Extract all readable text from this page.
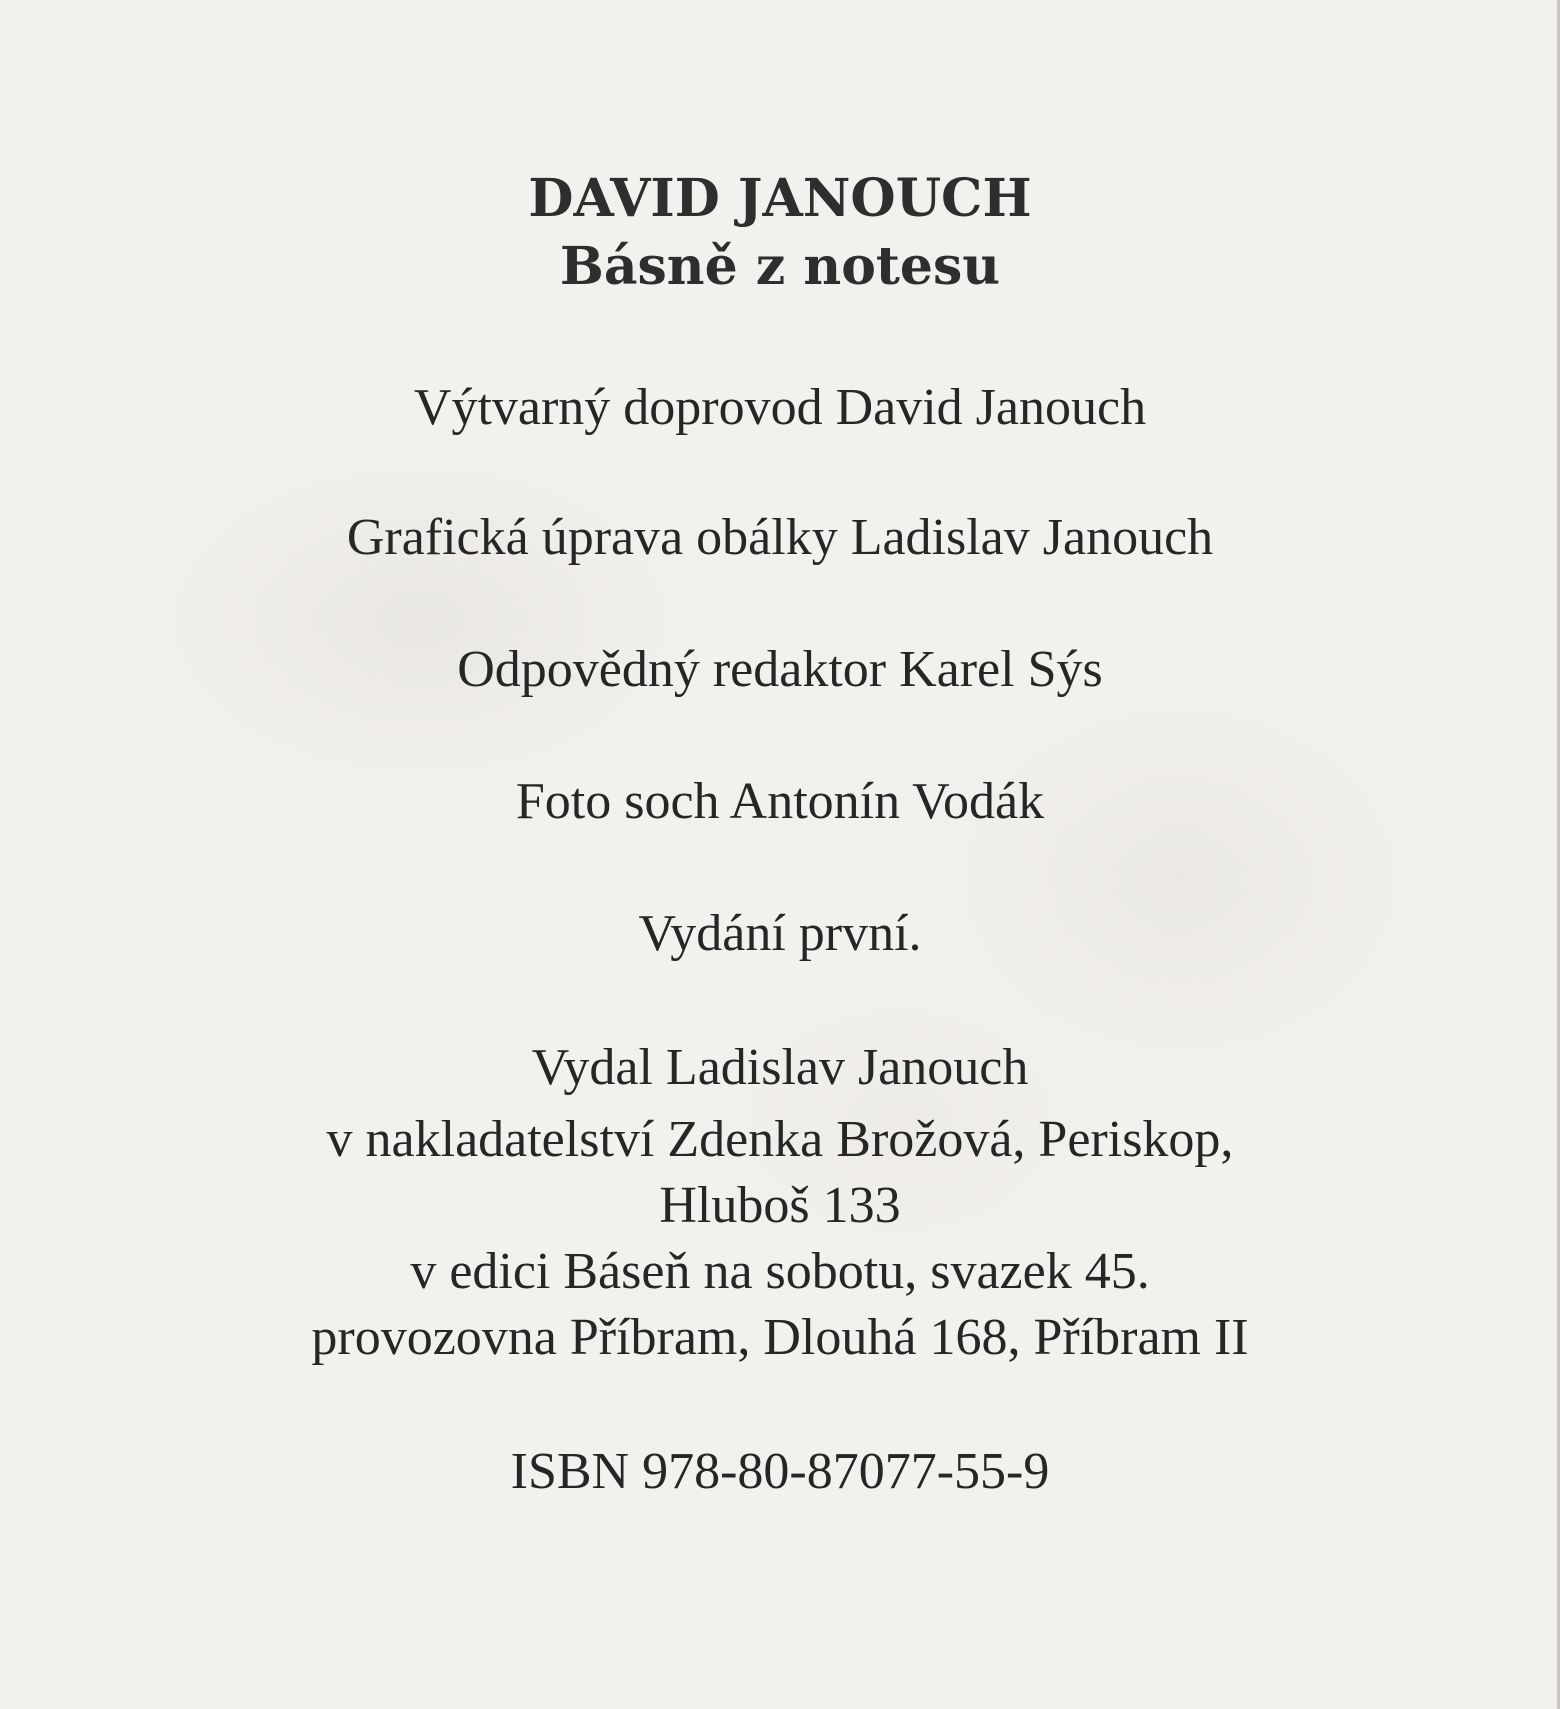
DAVID JANOUCH
Básně z notesu
Výtvarný doprovod David Janouch
Grafická úprava obálky Ladislav Janouch
Odpovědný redaktor Karel Sýs
Foto soch Antonín Vodák
Vydání první.
Vydal Ladislav Janouch
v nakladatelství Zdenka Brožová, Periskop,
Hluboš 133
v edici Báseň na sobotu, svazek 45.
provozovna Příbram, Dlouhá 168, Příbram II
ISBN 978-80-87077-55-9
